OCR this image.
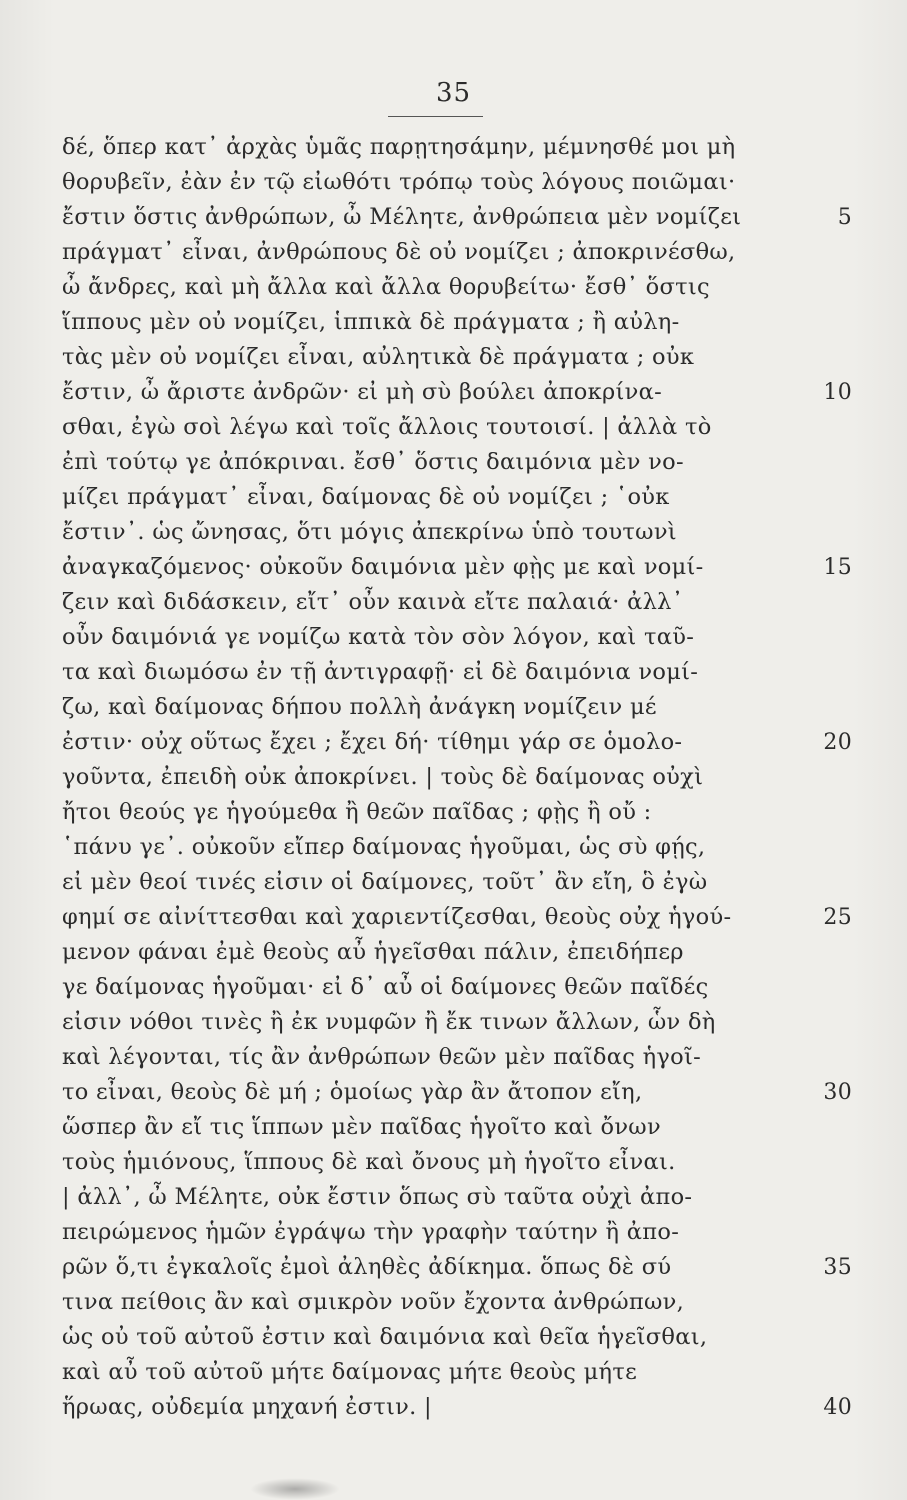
35
δέ, ὅπερ κατ᾽ ἀρχὰς ὑμᾶς παρῃτησάμην, μέμνησθέ μοι μὴ
θορυβεῖν, ἐὰν ἐν τῷ εἰωθότι τρόπῳ τοὺς λόγους ποιῶμαι·
ἔστιν ὅστις ἀνθρώπων, ὦ Μέλητε, ἀνθρώπεια μὲν νομίζει	5
πράγματ᾽ εἶναι, ἀνθρώπους δὲ οὐ νομίζει ; ἀποκρινέσθω,
ὦ ἄνδρες, καὶ μὴ ἄλλα καὶ ἄλλα θορυβείτω· ἔσθ᾽ ὅστις
ἵππους μὲν οὐ νομίζει, ἱππικὰ δὲ πράγματα ; ἢ αὐλη-
τὰς μὲν οὐ νομίζει εἶναι, αὐλητικὰ δὲ πράγματα ; οὐκ
ἔστιν, ὦ ἄριστε ἀνδρῶν· εἰ μὴ σὺ βούλει ἀποκρίνα-	10
σθαι, ἐγὼ σοὶ λέγω καὶ τοῖς ἄλλοις τουτοισί. | ἀλλὰ τὸ
ἐπὶ τούτῳ γε ἀπόκριναι. ἔσθ᾽ ὅστις δαιμόνια μὲν νο-
μίζει πράγματ᾽ εἶναι, δαίμονας δὲ οὐ νομίζει ; ῾οὐκ
ἔστιν᾽. ὡς ὤνησας, ὅτι μόγις ἀπεκρίνω ὑπὸ τουτωνὶ
ἀναγκαζόμενος· οὐκοῦν δαιμόνια μὲν φῂς με καὶ νομί-	15
ζειν καὶ διδάσκειν, εἴτ᾽ οὖν καινὰ εἴτε παλαιά· ἀλλ᾽
οὖν δαιμόνιά γε νομίζω κατὰ τὸν σὸν λόγον, καὶ ταῦ-
τα καὶ διωμόσω ἐν τῇ ἀντιγραφῇ· εἰ δὲ δαιμόνια νομί-
ζω, καὶ δαίμονας δήπου πολλὴ ἀνάγκη νομίζειν μέ
ἐστιν· οὐχ οὕτως ἔχει ; ἔχει δή· τίθημι γάρ σε ὁμολο-	20
γοῦντα, ἐπειδὴ οὐκ ἀποκρίνει. | τοὺς δὲ δαίμονας οὐχὶ
ἤτοι θεούς γε ἡγούμεθα ἢ θεῶν παῖδας ; φῂς ἢ οὔ :
῾πάνυ γε᾽. οὐκοῦν εἴπερ δαίμονας ἡγοῦμαι, ὡς σὺ φῄς,
εἰ μὲν θεοί τινές εἰσιν οἱ δαίμονες, τοῦτ᾽ ἂν εἴη, ὃ ἐγὼ
φημί σε αἰνίττεσθαι καὶ χαριεντίζεσθαι, θεοὺς οὐχ ἡγού-	25
μενον φάναι ἐμὲ θεοὺς αὖ ἡγεῖσθαι πάλιν, ἐπειδήπερ
γε δαίμονας ἡγοῦμαι· εἰ δ᾽ αὖ οἱ δαίμονες θεῶν παῖδές
εἰσιν νόθοι τινὲς ἢ ἐκ νυμφῶν ἢ ἔκ τινων ἄλλων, ὧν δὴ
καὶ λέγονται, τίς ἂν ἀνθρώπων θεῶν μὲν παῖδας ἡγοῖ-
το εἶναι, θεοὺς δὲ μή ; ὁμοίως γὰρ ἂν ἄτοπον εἴη,	30
ὥσπερ ἂν εἴ τις ἵππων μὲν παῖδας ἡγοῖτο καὶ ὄνων
τοὺς ἡμιόνους, ἵππους δὲ καὶ ὄνους μὴ ἡγοῖτο εἶναι.
| ἀλλ᾽, ὦ Μέλητε, οὐκ ἔστιν ὅπως σὺ ταῦτα οὐχὶ ἀπο-
πειρώμενος ἡμῶν ἐγράψω τὴν γραφὴν ταύτην ἢ ἀπο-
ρῶν ὅ,τι ἐγκαλοῖς ἐμοὶ ἀληθὲς ἀδίκημα. ὅπως δὲ σύ	35
τινα πείθοις ἂν καὶ σμικρὸν νοῦν ἔχοντα ἀνθρώπων,
ὡς οὐ τοῦ αὐτοῦ ἐστιν καὶ δαιμόνια καὶ θεῖα ἡγεῖσθαι,
καὶ αὖ τοῦ αὐτοῦ μήτε δαίμονας μήτε θεοὺς μήτε
ἥρωας, οὐδεμία μηχανή ἐστιν. |	40
